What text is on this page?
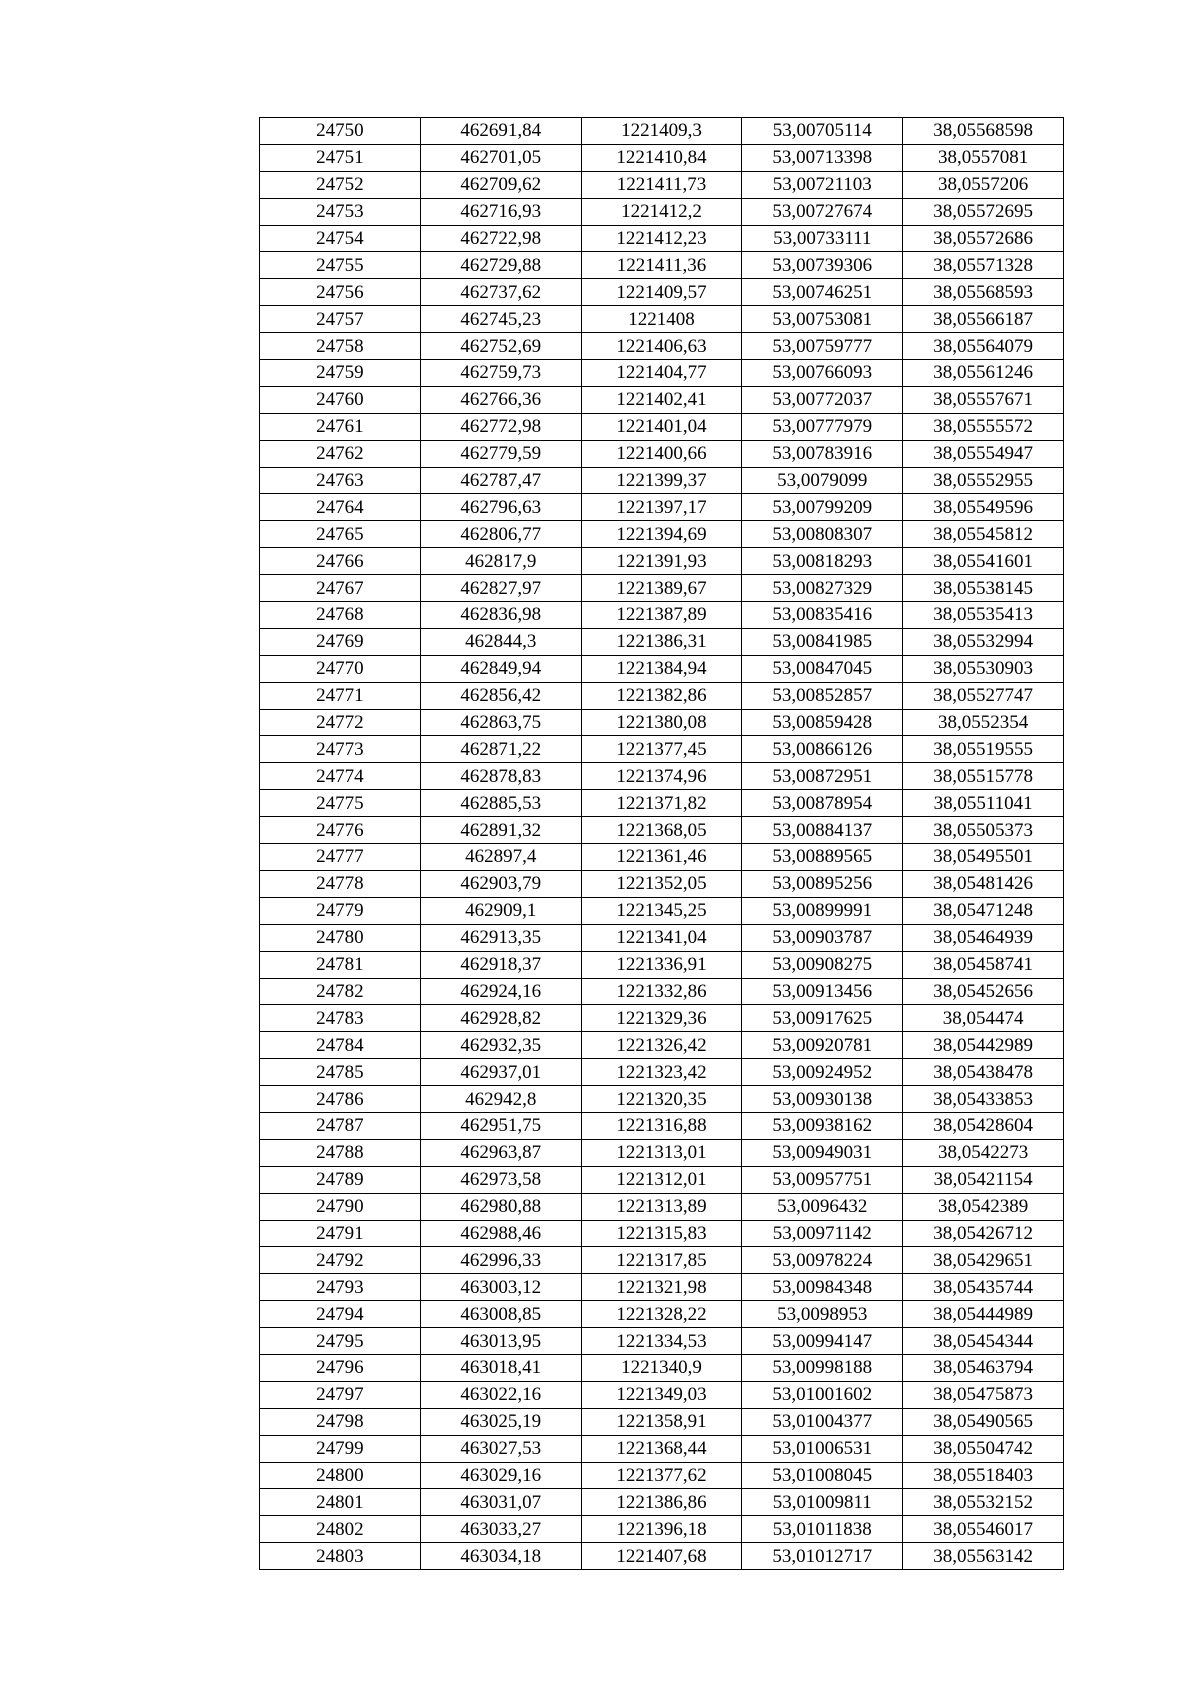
24750	462691,84	1221409,3	53,00705114	38,05568598
24751	462701,05	1221410,84	53,00713398	38,0557081
24752	462709,62	1221411,73	53,00721103	38,0557206
24753	462716,93	1221412,2	53,00727674	38,05572695
24754	462722,98	1221412,23	53,00733111	38,05572686
24755	462729,88	1221411,36	53,00739306	38,05571328
24756	462737,62	1221409,57	53,00746251	38,05568593
24757	462745,23	1221408	53,00753081	38,05566187
24758	462752,69	1221406,63	53,00759777	38,05564079
24759	462759,73	1221404,77	53,00766093	38,05561246
24760	462766,36	1221402,41	53,00772037	38,05557671
24761	462772,98	1221401,04	53,00777979	38,05555572
24762	462779,59	1221400,66	53,00783916	38,05554947
24763	462787,47	1221399,37	53,0079099	38,05552955
24764	462796,63	1221397,17	53,00799209	38,05549596
24765	462806,77	1221394,69	53,00808307	38,05545812
24766	462817,9	1221391,93	53,00818293	38,05541601
24767	462827,97	1221389,67	53,00827329	38,05538145
24768	462836,98	1221387,89	53,00835416	38,05535413
24769	462844,3	1221386,31	53,00841985	38,05532994
24770	462849,94	1221384,94	53,00847045	38,05530903
24771	462856,42	1221382,86	53,00852857	38,05527747
24772	462863,75	1221380,08	53,00859428	38,0552354
24773	462871,22	1221377,45	53,00866126	38,05519555
24774	462878,83	1221374,96	53,00872951	38,05515778
24775	462885,53	1221371,82	53,00878954	38,05511041
24776	462891,32	1221368,05	53,00884137	38,05505373
24777	462897,4	1221361,46	53,00889565	38,05495501
24778	462903,79	1221352,05	53,00895256	38,05481426
24779	462909,1	1221345,25	53,00899991	38,05471248
24780	462913,35	1221341,04	53,00903787	38,05464939
24781	462918,37	1221336,91	53,00908275	38,05458741
24782	462924,16	1221332,86	53,00913456	38,05452656
24783	462928,82	1221329,36	53,00917625	38,054474
24784	462932,35	1221326,42	53,00920781	38,05442989
24785	462937,01	1221323,42	53,00924952	38,05438478
24786	462942,8	1221320,35	53,00930138	38,05433853
24787	462951,75	1221316,88	53,00938162	38,05428604
24788	462963,87	1221313,01	53,00949031	38,0542273
24789	462973,58	1221312,01	53,00957751	38,05421154
24790	462980,88	1221313,89	53,0096432	38,0542389
24791	462988,46	1221315,83	53,00971142	38,05426712
24792	462996,33	1221317,85	53,00978224	38,05429651
24793	463003,12	1221321,98	53,00984348	38,05435744
24794	463008,85	1221328,22	53,0098953	38,05444989
24795	463013,95	1221334,53	53,00994147	38,05454344
24796	463018,41	1221340,9	53,00998188	38,05463794
24797	463022,16	1221349,03	53,01001602	38,05475873
24798	463025,19	1221358,91	53,01004377	38,05490565
24799	463027,53	1221368,44	53,01006531	38,05504742
24800	463029,16	1221377,62	53,01008045	38,05518403
24801	463031,07	1221386,86	53,01009811	38,05532152
24802	463033,27	1221396,18	53,01011838	38,05546017
24803	463034,18	1221407,68	53,01012717	38,05563142
